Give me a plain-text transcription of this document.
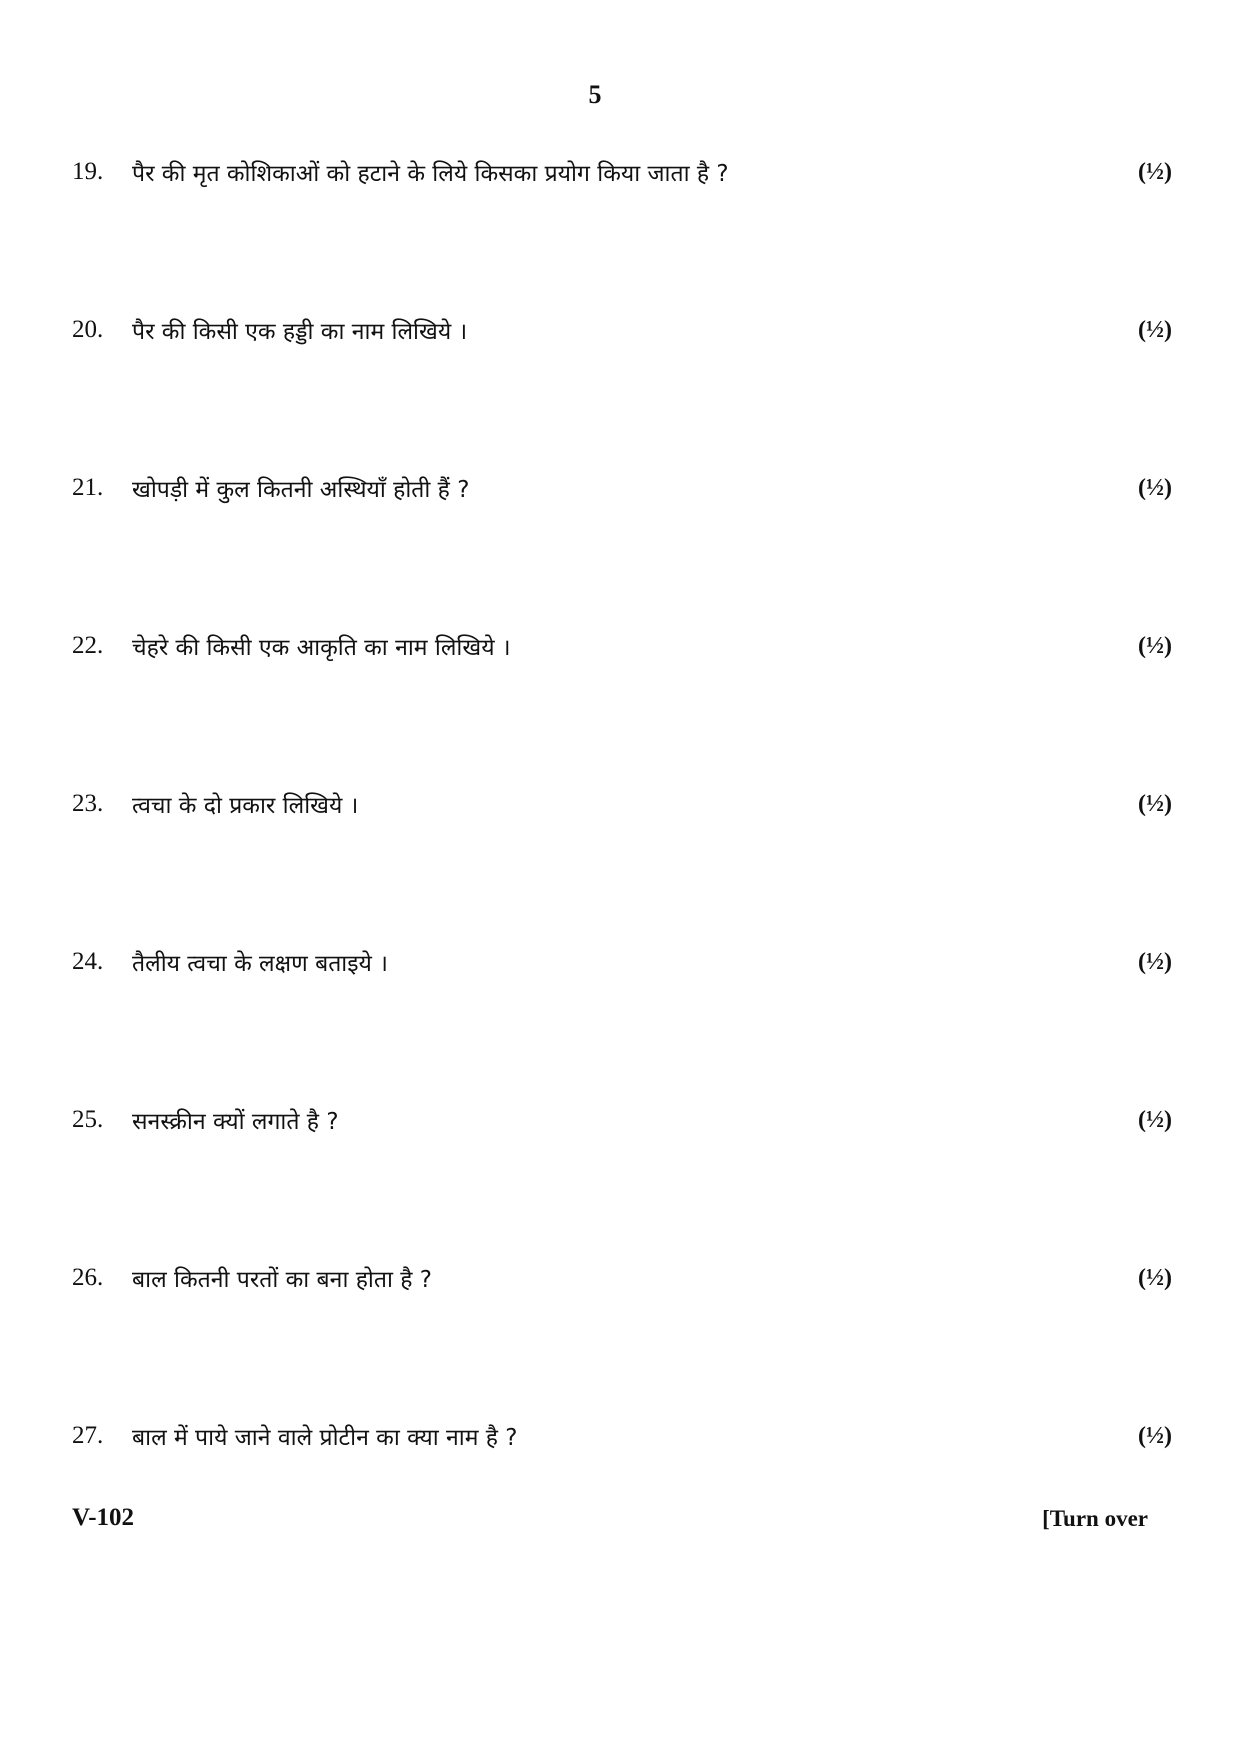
5
19.	पैर की मृत कोशिकाओं को हटाने के लिये किसका प्रयोग किया जाता है ?	(½)
20.	पैर की किसी एक हड्डी का नाम लिखिये ।	(½)
21.	खोपड़ी में कुल कितनी अस्थियाँ होती हैं ?	(½)
22.	चेहरे की किसी एक आकृति का नाम लिखिये ।	(½)
23.	त्वचा के दो प्रकार लिखिये ।	(½)
24.	तैलीय त्वचा के लक्षण बताइये ।	(½)
25.	सनस्क्रीन क्यों लगाते है ?	(½)
26.	बाल कितनी परतों का बना होता है ?	(½)
27.	बाल में पाये जाने वाले प्रोटीन का क्या नाम है ?	(½)
V-102	[Turn over
